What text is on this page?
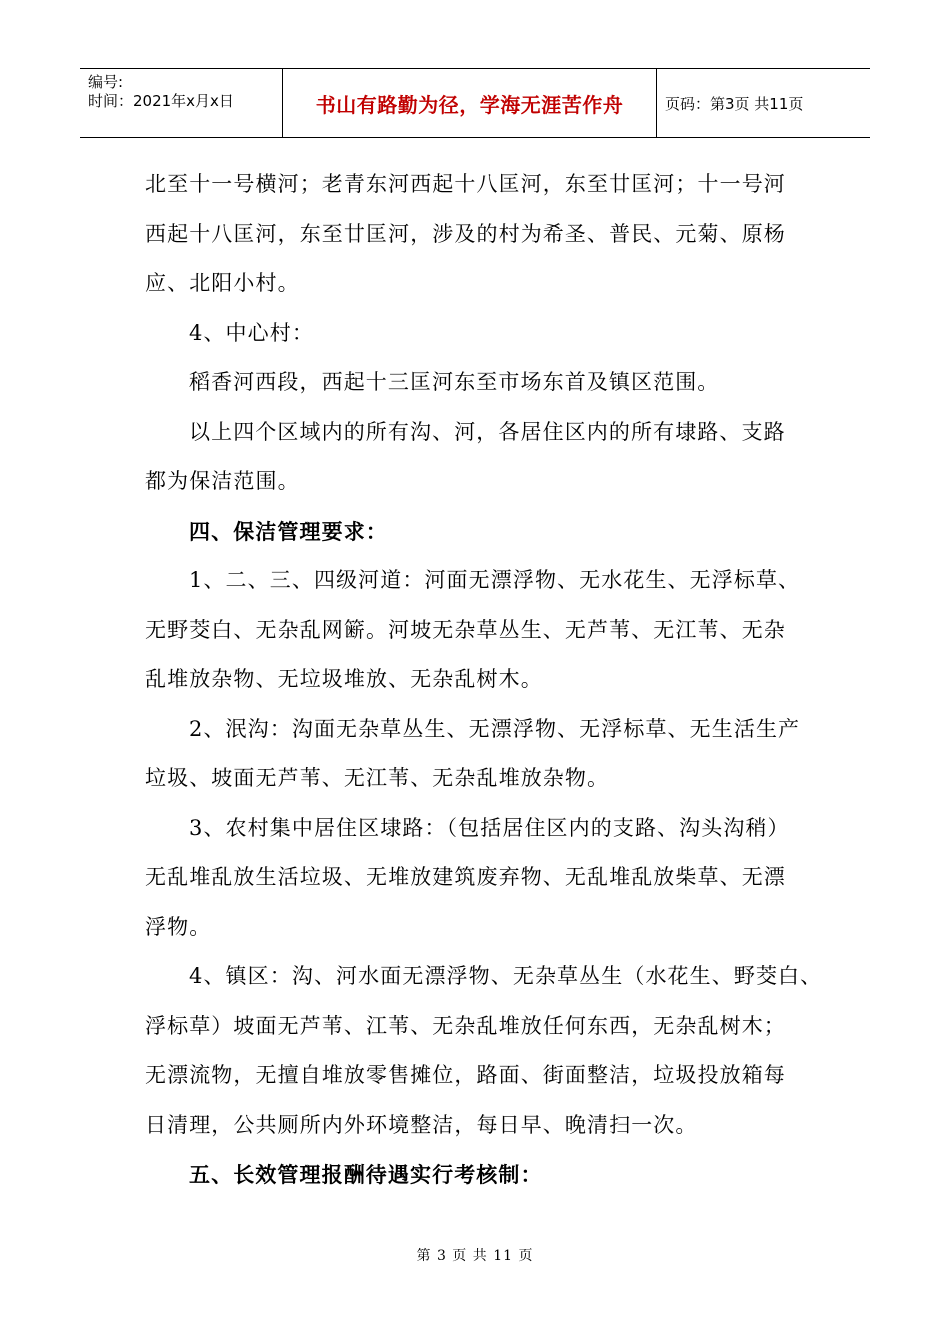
编号:
时间：2021年x月x日	书山有路勤为径，学海无涯苦作舟	页码：第3页 共11页
北至十一号横河；老青东河西起十八匡河，东至廿匡河；十一号河
西起十八匡河，东至廿匡河，涉及的村为希圣、普民、元菊、原杨
应、北阳小村。
4、中心村：
稻香河西段，西起十三匡河东至市场东首及镇区范围。
以上四个区域内的所有沟、河，各居住区内的所有埭路、支路
都为保洁范围。
四、保洁管理要求：
1、二、三、四级河道：河面无漂浮物、无水花生、无浮标草、
无野茭白、无杂乱网簖。河坡无杂草丛生、无芦苇、无江苇、无杂
乱堆放杂物、无垃圾堆放、无杂乱树木。
2、泯沟：沟面无杂草丛生、无漂浮物、无浮标草、无生活生产
垃圾、坡面无芦苇、无江苇、无杂乱堆放杂物。
3、农村集中居住区埭路：（包括居住区内的支路、沟头沟稍）
无乱堆乱放生活垃圾、无堆放建筑废弃物、无乱堆乱放柴草、无漂
浮物。
4、镇区：沟、河水面无漂浮物、无杂草丛生（水花生、野茭白、
浮标草）坡面无芦苇、江苇、无杂乱堆放任何东西，无杂乱树木；
无漂流物，无擅自堆放零售摊位，路面、街面整洁，垃圾投放箱每
日清理，公共厕所内外环境整洁，每日早、晚清扫一次。
五、长效管理报酬待遇实行考核制：
第 3 页 共 11 页
